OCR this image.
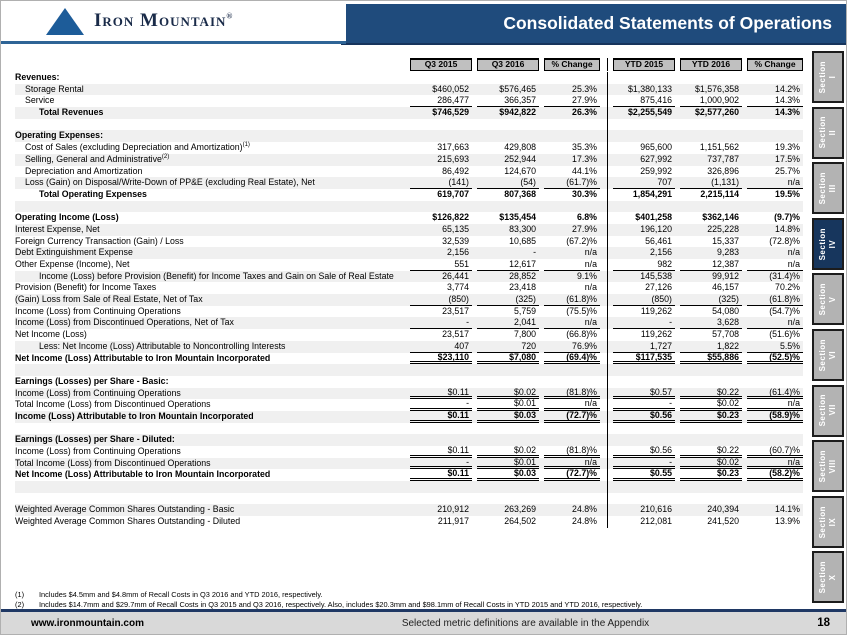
Consolidated Statements of Operations
Iron Mountain®
Q3 2015	Q3 2016	% Change	YTD 2015	YTD 2016	% Change
Revenues:
Storage Rental	$460,052	$576,465	25.3%	$1,380,133	$1,576,358	14.2%
Service	286,477	366,357	27.9%	875,416	1,000,902	14.3%
Total Revenues	$746,529	$942,822	26.3%	$2,255,549	$2,577,260	14.3%
Operating Expenses:
Cost of Sales (excluding Depreciation and Amortization)$^{(1)}$	317,663	429,808	35.3%	965,600	1,151,562	19.3%
Selling, General and Administrative$^{(2)}$	215,693	252,944	17.3%	627,992	737,787	17.5%
Depreciation and Amortization	86,492	124,670	44.1%	259,992	326,896	25.7%
Loss (Gain) on Disposal/Write-Down of PP&E (excluding Real Estate), Net	(141)	(54)	(61.7)%	707	(1,131)	n/a
Total Operating Expenses	619,707	807,368	30.3%	1,854,291	2,215,114	19.5%
Operating Income (Loss)	$126,822	$135,454	6.8%	$401,258	$362,146	(9.7)%
Interest Expense, Net	65,135	83,300	27.9%	196,120	225,228	14.8%
Foreign Currency Transaction (Gain) / Loss	32,539	10,685	(67.2)%	56,461	15,337	(72.8)%
Debt Extinguishment Expense	2,156	-	n/a	2,156	9,283	n/a
Other Expense (Income), Net	551	12,617	n/a	982	12,387	n/a
Income (Loss) before Provision (Benefit) for Income Taxes and Gain on Sale of Real Estate	26,441	28,852	9.1%	145,538	99,912	(31.4)%
Provision (Benefit) for Income Taxes	3,774	23,418	n/a	27,126	46,157	70.2%
(Gain) Loss from Sale of Real Estate, Net of Tax	(850)	(325)	(61.8)%	(850)	(325)	(61.8)%
Income (Loss) from Continuing Operations	23,517	5,759	(75.5)%	119,262	54,080	(54.7)%
Income (Loss) from Discontinued Operations, Net of Tax	-	2,041	n/a	-	3,628	n/a
Net Income (Loss)	23,517	7,800	(66.8)%	119,262	57,708	(51.6)%
Less: Net Income (Loss) Attributable to Noncontrolling Interests	407	720	76.9%	1,727	1,822	5.5%
Net Income (Loss) Attributable to Iron Mountain Incorporated	$23,110	$7,080	(69.4)%	$117,535	$55,886	(52.5)%
Earnings (Losses) per Share - Basic:
Income (Loss) from Continuing Operations	$0.11	$0.02	(81.8)%	$0.57	$0.22	(61.4)%
Total Income (Loss) from Discontinued Operations	-	$0.01	n/a	-	$0.02	n/a
Income (Loss) Attributable to Iron Mountain Incorporated	$0.11	$0.03	(72.7)%	$0.56	$0.23	(58.9)%
Earnings (Losses) per Share - Diluted:
Income (Loss) from Continuing Operations	$0.11	$0.02	(81.8)%	$0.56	$0.22	(60.7)%
Total Income (Loss) from Discontinued Operations	-	$0.01	n/a	-	$0.02	n/a
Net Income (Loss) Attributable to Iron Mountain Incorporated	$0.11	$0.03	(72.7)%	$0.55	$0.23	(58.2)%
Weighted Average Common Shares Outstanding - Basic	210,912	263,269	24.8%	210,616	240,394	14.1%
Weighted Average Common Shares Outstanding - Diluted	211,917	264,502	24.8%	212,081	241,520	13.9%
Section
I
Section
II
Section
III
Section
IV
Section
V
Section
VI
Section
VII
Section
VIII
Section
IX
Section
X
(1)	Includes $4.5mm and $4.8mm of Recall Costs in Q3 2016 and YTD 2016, respectively.
(2)	Includes $14.7mm and $29.7mm of Recall Costs in Q3 2015 and Q3 2016, respectively. Also, includes $20.3mm and $98.1mm of Recall Costs in YTD 2015 and YTD 2016, respectively.
www.ironmountain.com	Selected metric definitions are available in the Appendix	18
